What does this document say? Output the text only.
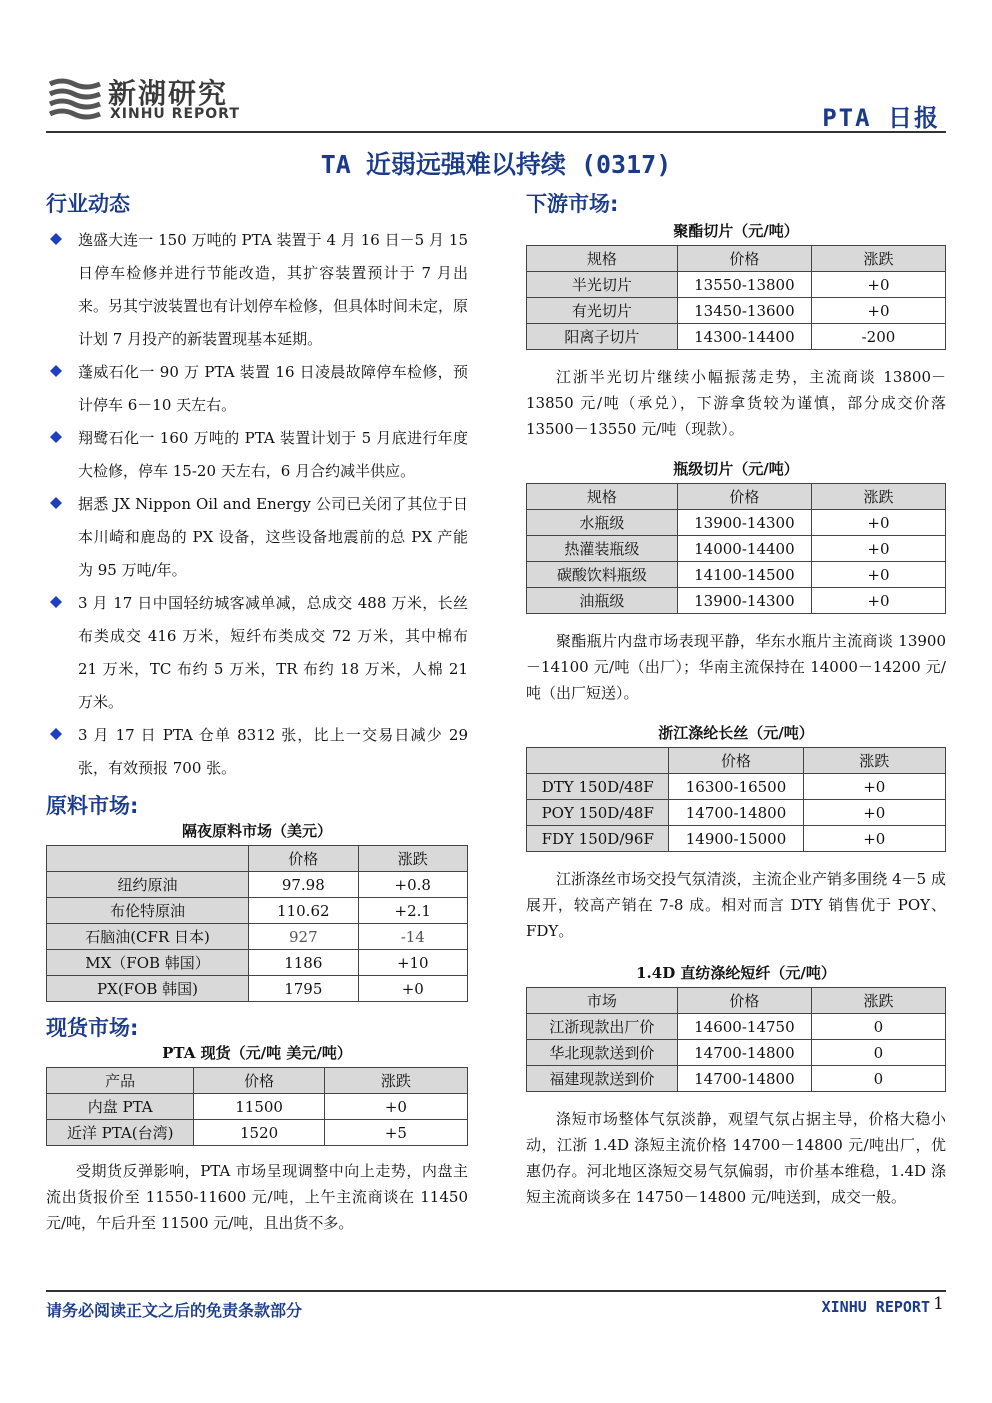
新湖研究
XINHU REPORT	PTA 日报
TA 近弱远强难以持续 (0317)
行业动态
逸盛大连一 150 万吨的 PTA 装置于 4 月 16 日－5 月 15 日停车检修并进行节能改造，其扩容装置预计于 7 月出来。另其宁波装置也有计划停车检修，但具体时间未定，原计划 7 月投产的新装置现基本延期。
蓬威石化一 90 万 PTA 装置 16 日凌晨故障停车检修，预计停车 6－10 天左右。
翔鹭石化一 160 万吨的 PTA 装置计划于 5 月底进行年度大检修，停车 15-20 天左右，6 月合约减半供应。
据悉 JX Nippon Oil and Energy 公司已关闭了其位于日本川崎和鹿岛的 PX 设备，这些设备地震前的总 PX 产能为 95 万吨/年。
3 月 17 日中国轻纺城客减单减，总成交 488 万米，长丝布类成交 416 万米，短纤布类成交 72 万米，其中棉布 21 万米，TC 布约 5 万米，TR 布约 18 万米，人棉 21 万米。
3 月 17 日 PTA 仓单 8312 张，比上一交易日减少 29 张，有效预报 700 张。
原料市场:
隔夜原料市场（美元）
	价格	涨跌
纽约原油	97.98	+0.8
布伦特原油	110.62	+2.1
石脑油(CFR 日本)	927	-14
MX（FOB 韩国）	1186	+10
PX(FOB 韩国)	1795	+0
现货市场:
PTA 现货（元/吨 美元/吨）
产品	价格	涨跌
内盘 PTA	11500	+0
近洋 PTA(台湾)	1520	+5

受期货反弹影响，PTA 市场呈现调整中向上走势，内盘主流出货报价至 11550-11600 元/吨，上午主流商谈在 11450 元/吨，午后升至 11500 元/吨，且出货不多。

下游市场:
聚酯切片（元/吨）
规格	价格	涨跌
半光切片	13550-13800	+0
有光切片	13450-13600	+0
阳离子切片	14300-14400	-200

江浙半光切片继续小幅振荡走势，主流商谈 13800－13850 元/吨（承兑），下游拿货较为谨慎，部分成交价落 13500－13550 元/吨（现款）。

瓶级切片（元/吨）
规格	价格	涨跌
水瓶级	13900-14300	+0
热灌装瓶级	14000-14400	+0
碳酸饮料瓶级	14100-14500	+0
油瓶级	13900-14300	+0

聚酯瓶片内盘市场表现平静，华东水瓶片主流商谈 13900－14100 元/吨（出厂）；华南主流保持在 14000－14200 元/吨（出厂短送）。

浙江涤纶长丝（元/吨）
	价格	涨跌
DTY 150D/48F	16300-16500	+0
POY 150D/48F	14700-14800	+0
FDY 150D/96F	14900-15000	+0

江浙涤丝市场交投气氛清淡，主流企业产销多围绕 4－5 成展开，较高产销在 7-8 成。相对而言 DTY 销售优于 POY、FDY。

1.4D 直纺涤纶短纤（元/吨）
市场	价格	涨跌
江浙现款出厂价	14600-14750	0
华北现款送到价	14700-14800	0
福建现款送到价	14700-14800	0

涤短市场整体气氛淡静，观望气氛占据主导，价格大稳小动，江浙 1.4D 涤短主流价格 14700－14800 元/吨出厂，优惠仍存。河北地区涤短交易气氛偏弱，市价基本维稳，1.4D 涤短主流商谈多在 14750－14800 元/吨送到，成交一般。

请务必阅读正文之后的免责条款部分	XINHU REPORT 1
